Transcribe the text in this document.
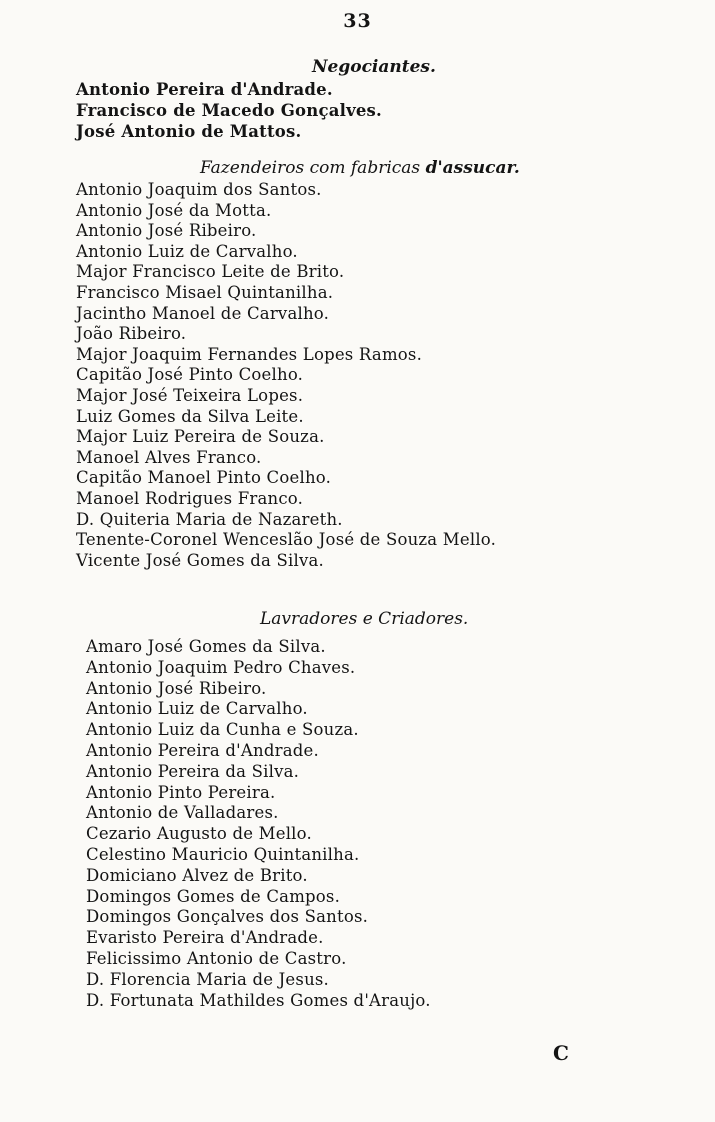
33
Negociantes.
Antonio Pereira d'Andrade.
Francisco de Macedo Gonçalves.
José Antonio de Mattos.
Fazendeiros com fabricas d'assucar.
Antonio Joaquim dos Santos.
Antonio José da Motta.
Antonio José Ribeiro.
Antonio Luiz de Carvalho.
Major Francisco Leite de Brito.
Francisco Misael Quintanilha.
Jacintho Manoel de Carvalho.
João Ribeiro.
Major Joaquim Fernandes Lopes Ramos.
Capitão José Pinto Coelho.
Major José Teixeira Lopes.
Luiz Gomes da Silva Leite.
Major Luiz Pereira de Souza.
Manoel Alves Franco.
Capitão Manoel Pinto Coelho.
Manoel Rodrigues Franco.
D. Quiteria Maria de Nazareth.
Tenente-Coronel Wenceslão José de Souza Mello.
Vicente José Gomes da Silva.
Lavradores e Criadores.
Amaro José Gomes da Silva.
Antonio Joaquim Pedro Chaves.
Antonio José Ribeiro.
Antonio Luiz de Carvalho.
Antonio Luiz da Cunha e Souza.
Antonio Pereira d'Andrade.
Antonio Pereira da Silva.
Antonio Pinto Pereira.
Antonio de Valladares.
Cezario Augusto de Mello.
Celestino Mauricio Quintanilha.
Domiciano Alvez de Brito.
Domingos Gomes de Campos.
Domingos Gonçalves dos Santos.
Evaristo Pereira d'Andrade.
Felicissimo Antonio de Castro.
D. Florencia Maria de Jesus.
D. Fortunata Mathildes Gomes d'Araujo.
C
